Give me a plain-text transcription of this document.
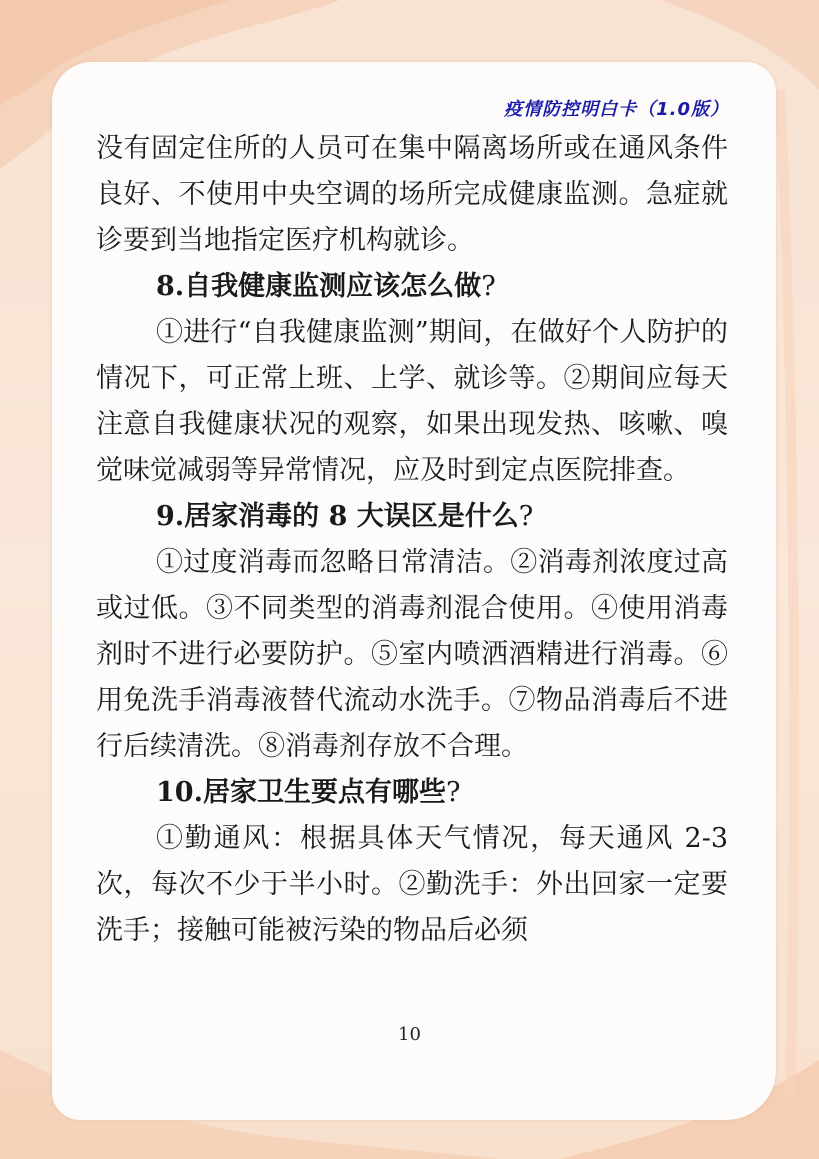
疫情防控明白卡（1.0版）

没有固定住所的人员可在集中隔离场所或在通风条件良好、不使用中央空调的场所完成健康监测。急症就诊要到当地指定医疗机构就诊。

8.自我健康监测应该怎么做?

①进行“自我健康监测”期间，在做好个人防护的情况下，可正常上班、上学、就诊等。②期间应每天注意自我健康状况的观察，如果出现发热、咳嗽、嗅觉味觉减弱等异常情况，应及时到定点医院排查。

9.居家消毒的 8 大误区是什么?

①过度消毒而忽略日常清洁。②消毒剂浓度过高或过低。③不同类型的消毒剂混合使用。④使用消毒剂时不进行必要防护。⑤室内喷洒酒精进行消毒。⑥用免洗手消毒液替代流动水洗手。⑦物品消毒后不进行后续清洗。⑧消毒剂存放不合理。

10.居家卫生要点有哪些?

①勤通风：根据具体天气情况，每天通风 2-3 次，每次不少于半小时。②勤洗手：外出回家一定要洗手；接触可能被污染的物品后必须

10
